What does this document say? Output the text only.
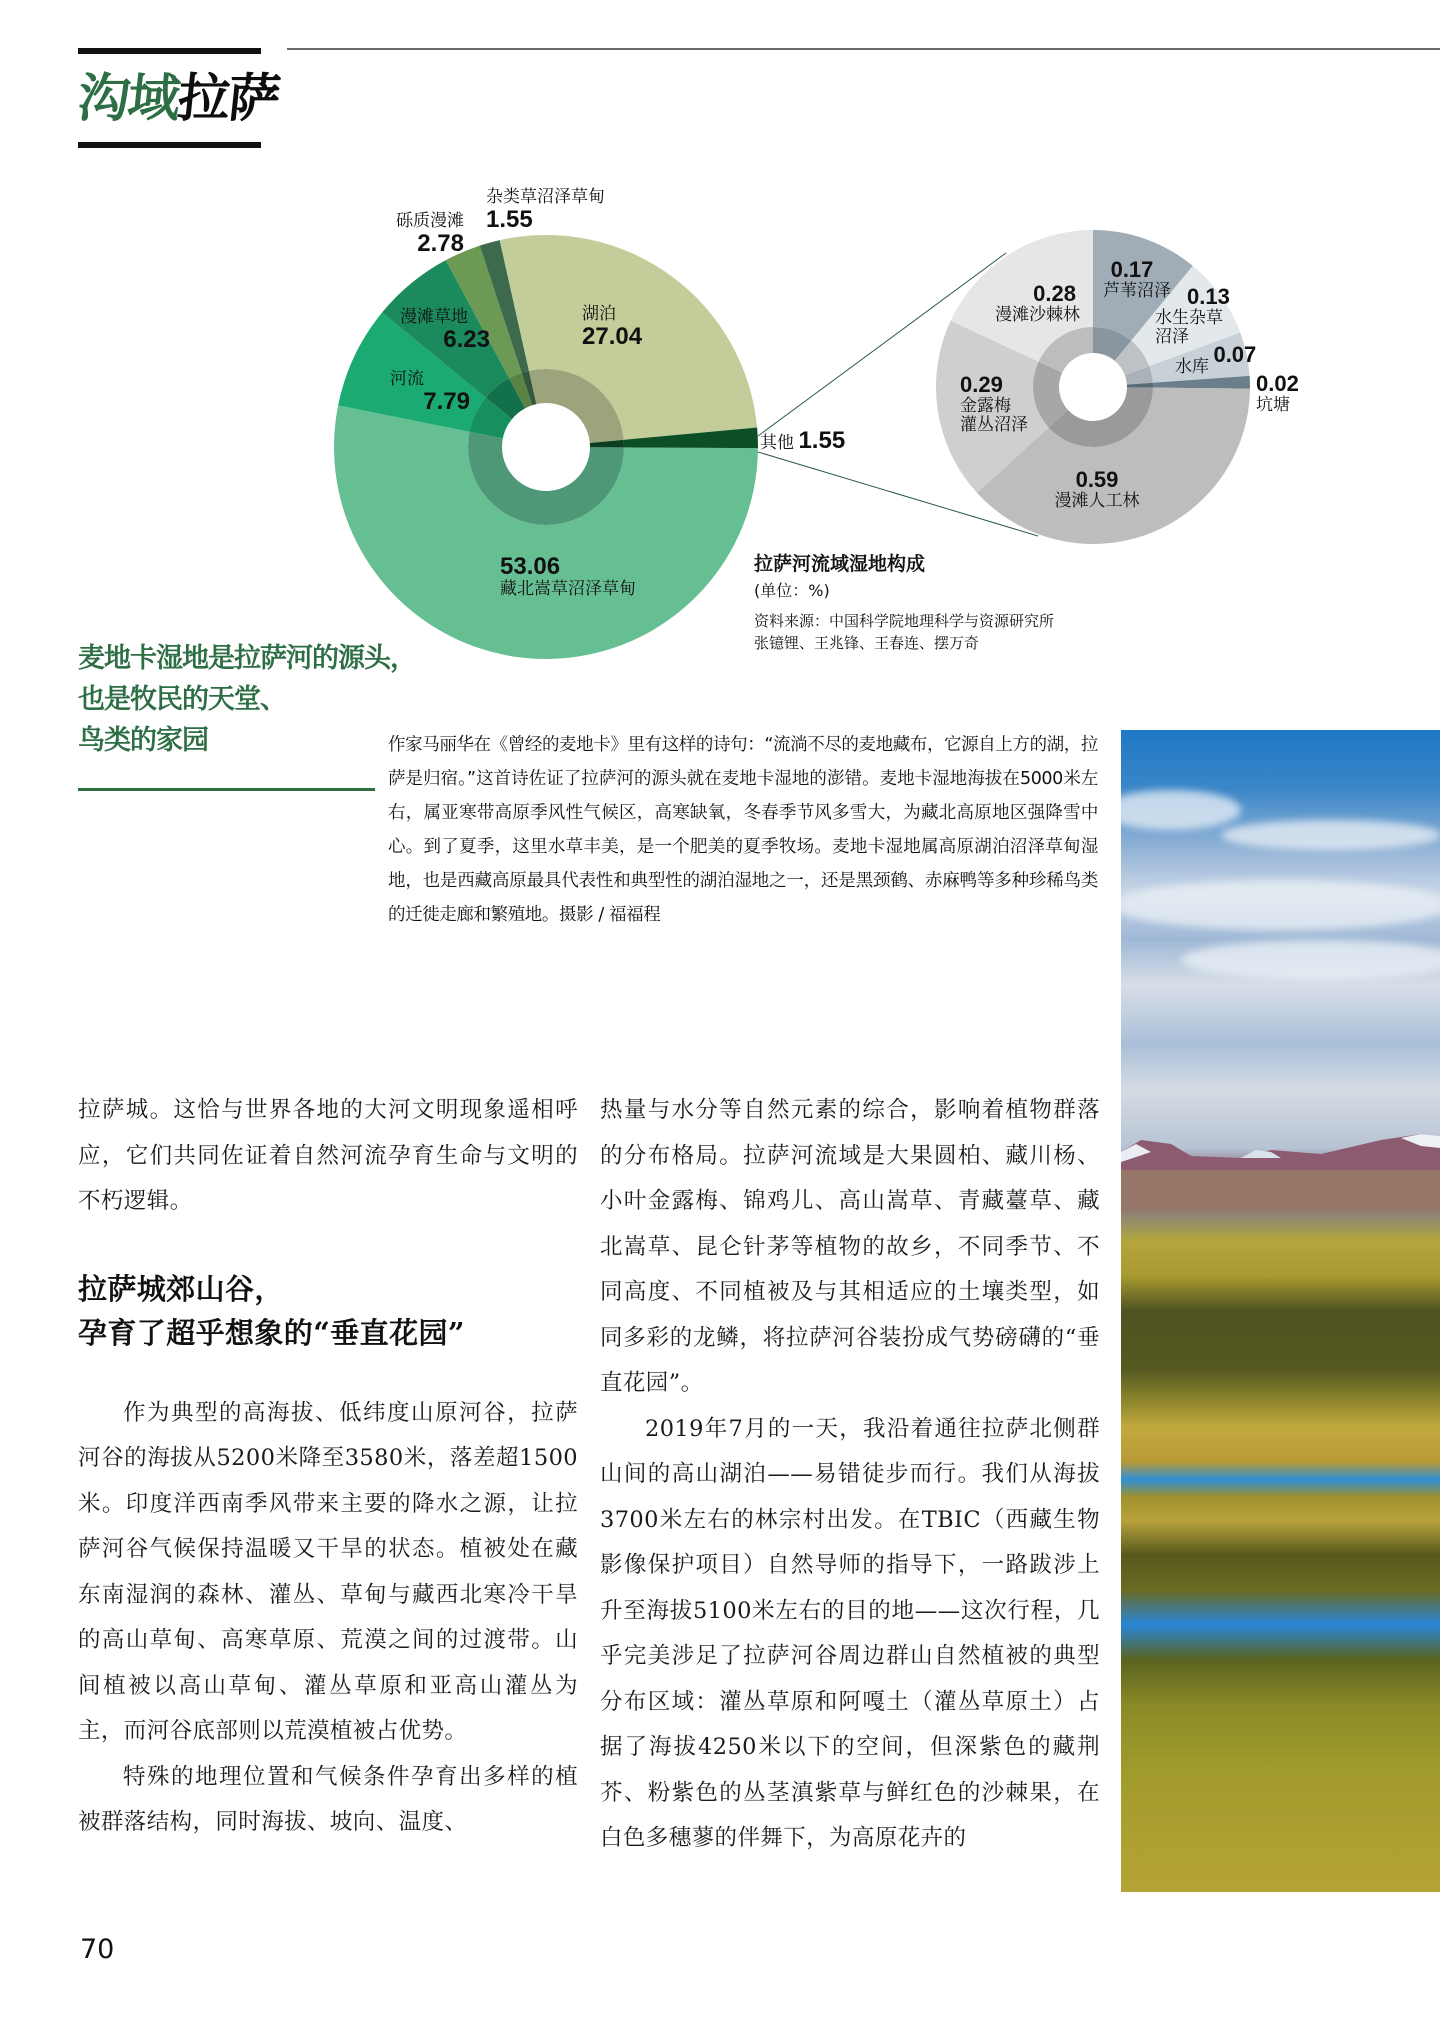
沟域拉萨
53.06
藏北嵩草沼泽草甸
河流
7.79
漫滩草地
6.23
砾质漫滩
2.78
杂类草沼泽草甸
1.55
湖泊
27.04
其他 1.55
0.17
芦苇沼泽 0.13
水生杂草
沼泽
水库 0.07
0.02
坑塘
0.59
漫滩人工林
0.29
金露梅
灌丛沼泽
0.28
漫滩沙棘林
拉萨河流域湿地构成
(单位：%)
资料来源：中国科学院地理科学与资源研究所
张镱锂、王兆锋、王春连、摆万奇
麦地卡湿地是拉萨河的源头，
也是牧民的天堂、
鸟类的家园	作家马丽华在《曾经的麦地卡》里有这样的诗句：“流淌不尽的麦地藏布，它源自上方的湖，拉萨是归宿。”这首诗佐证了拉萨河的源头就在麦地卡湿地的澎错。麦地卡湿地海拔在5000米左右，属亚寒带高原季风性气候区，高寒缺氧，冬春季节风多雪大，为藏北高原地区强降雪中心。到了夏季，这里水草丰美，是一个肥美的夏季牧场。麦地卡湿地属高原湖泊沼泽草甸湿地，也是西藏高原最具代表性和典型性的湖泊湿地之一，还是黑颈鹤、赤麻鸭等多种珍稀鸟类的迁徙走廊和繁殖地。摄影 / 福福程

拉萨城。这恰与世界各地的大河文明现象遥相呼应，它们共同佐证着自然河流孕育生命与文明的不朽逻辑。

拉萨城郊山谷，
孕育了超乎想象的“垂直花园”

作为典型的高海拔、低纬度山原河谷，拉萨河谷的海拔从5200米降至3580米，落差超1500米。印度洋西南季风带来主要的降水之源，让拉萨河谷气候保持温暖又干旱的状态。植被处在藏东南湿润的森林、灌丛、草甸与藏西北寒冷干旱的高山草甸、高寒草原、荒漠之间的过渡带。山间植被以高山草甸、灌丛草原和亚高山灌丛为主，而河谷底部则以荒漠植被占优势。

特殊的地理位置和气候条件孕育出多样的植被群落结构，同时海拔、坡向、温度、

热量与水分等自然元素的综合，影响着植物群落的分布格局。拉萨河流域是大果圆柏、藏川杨、小叶金露梅、锦鸡儿、高山嵩草、青藏薹草、藏北嵩草、昆仑针茅等植物的故乡，不同季节、不同高度、不同植被及与其相适应的土壤类型，如同多彩的龙鳞，将拉萨河谷装扮成气势磅礴的“垂直花园”。

2019年7月的一天，我沿着通往拉萨北侧群山间的高山湖泊——易错徒步而行。我们从海拔3700米左右的林宗村出发。在TBIC（西藏生物影像保护项目）自然导师的指导下，一路跋涉上升至海拔5100米左右的目的地——这次行程，几乎完美涉足了拉萨河谷周边群山自然植被的典型分布区域：灌丛草原和阿嘎土（灌丛草原土）占据了海拔4250米以下的空间，但深紫色的藏荆芥、粉紫色的丛茎滇紫草与鲜红色的沙棘果，在白色多穗蓼的伴舞下，为高原花卉的

70
